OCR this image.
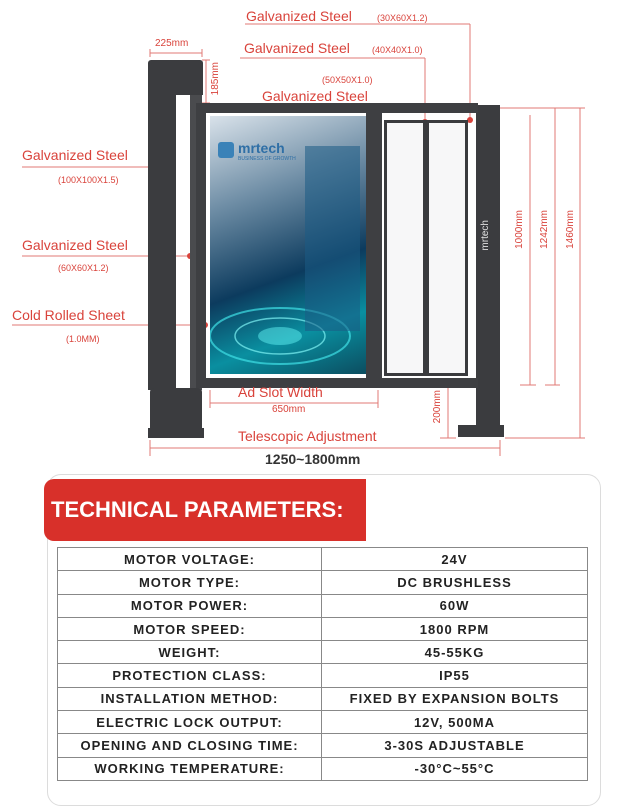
mrtech
BUSINESS OF GROWTH
mrtech
Galvanized Steel	(30X60X1.2)
Galvanized Steel (40X40X1.0)
(50X50X1.0)
Galvanized Steel
Galvanized Steel
(100X100X1.5)
Galvanized Steel
(60X60X1.2)
Cold Rolled Sheet
(1.0MM)
225mm
185mm
1000mm 1242mm 1460mm
200mm
Ad Slot Width
650mm
Telescopic Adjustment
1250~1800mm
TECHNICAL PARAMETERS:
MOTOR VOLTAGE:	24V
MOTOR TYPE:	DC BRUSHLESS
MOTOR POWER:	60W
MOTOR SPEED:	1800 RPM
WEIGHT:	45-55KG
PROTECTION CLASS:	IP55
INSTALLATION METHOD:	FIXED BY EXPANSION BOLTS
ELECTRIC LOCK OUTPUT:	12V, 500MA
OPENING AND CLOSING TIME:	3-30S ADJUSTABLE
WORKING TEMPERATURE:	-30°C~55°C
